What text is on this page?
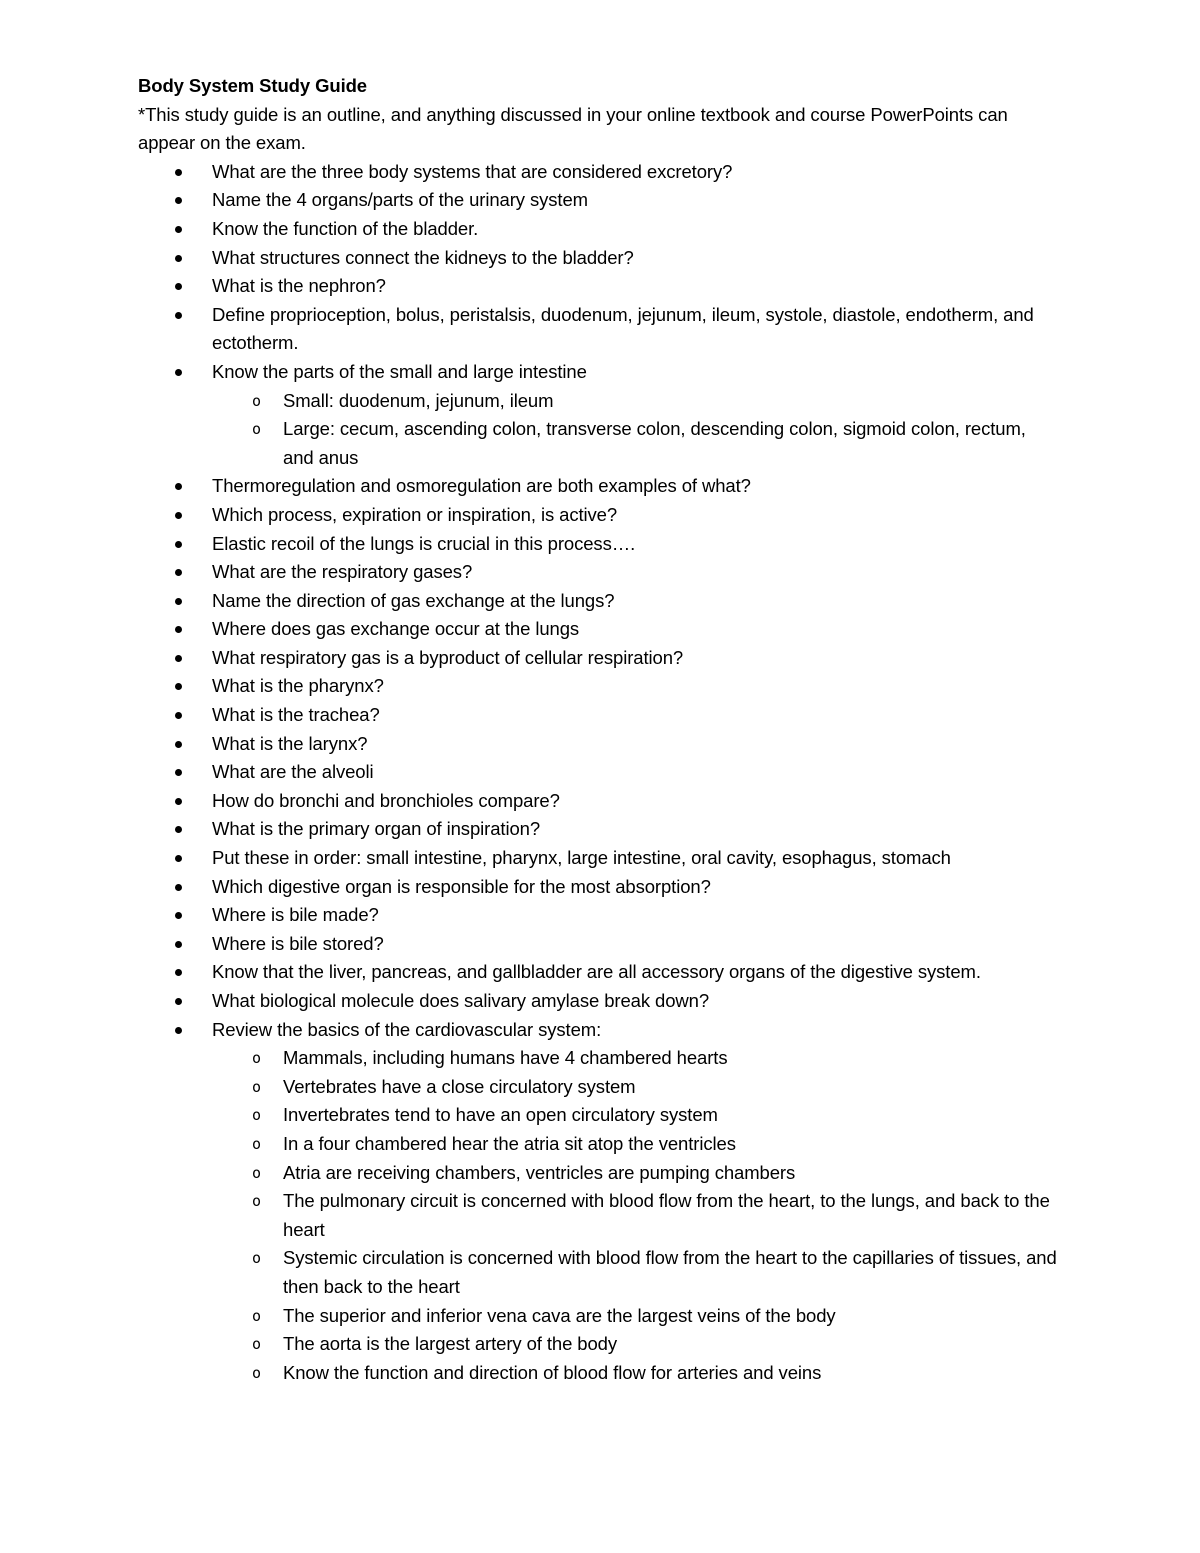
Body System Study Guide

*This study guide is an outline, and anything discussed in your online textbook and course PowerPoints can appear on the exam.

What are the three body systems that are considered excretory?
Name the 4 organs/parts of the urinary system
Know the function of the bladder.
What structures connect the kidneys to the bladder?
What is the nephron?
Define proprioception, bolus, peristalsis, duodenum, jejunum, ileum, systole, diastole, endotherm, and ectotherm.
Know the parts of the small and large intestine
o Small: duodenum, jejunum, ileum
o Large: cecum, ascending colon, transverse colon, descending colon, sigmoid colon, rectum, and anus
Thermoregulation and osmoregulation are both examples of what?
Which process, expiration or inspiration, is active?
Elastic recoil of the lungs is crucial in this process….
What are the respiratory gases?
Name the direction of gas exchange at the lungs?
Where does gas exchange occur at the lungs
What respiratory gas is a byproduct of cellular respiration?
What is the pharynx?
What is the trachea?
What is the larynx?
What are the alveoli
How do bronchi and bronchioles compare?
What is the primary organ of inspiration?
Put these in order: small intestine, pharynx, large intestine, oral cavity, esophagus, stomach
Which digestive organ is responsible for the most absorption?
Where is bile made?
Where is bile stored?
Know that the liver, pancreas, and gallbladder are all accessory organs of the digestive system.
What biological molecule does salivary amylase break down?
Review the basics of the cardiovascular system:
o Mammals, including humans have 4 chambered hearts
o Vertebrates have a close circulatory system
o Invertebrates tend to have an open circulatory system
o In a four chambered hear the atria sit atop the ventricles
o Atria are receiving chambers, ventricles are pumping chambers
o The pulmonary circuit is concerned with blood flow from the heart, to the lungs, and back to the heart
o Systemic circulation is concerned with blood flow from the heart to the capillaries of tissues, and then back to the heart
o The superior and inferior vena cava are the largest veins of the body
o The aorta is the largest artery of the body
o Know the function and direction of blood flow for arteries and veins
